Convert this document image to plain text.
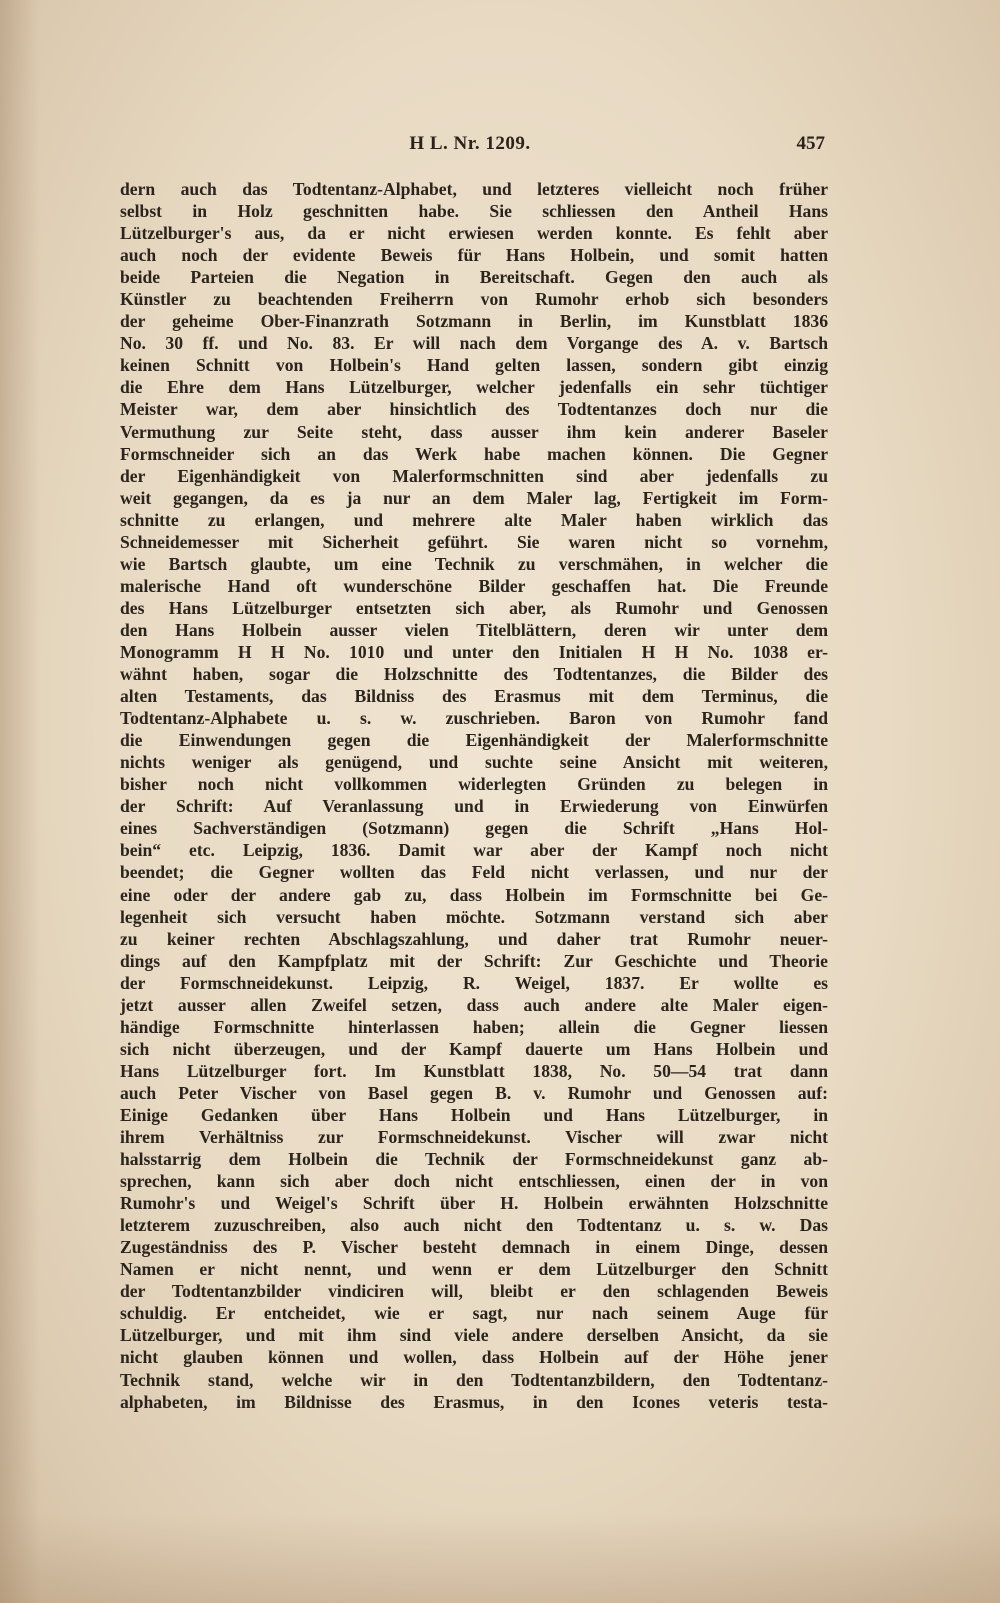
H L. Nr. 1209.	457
dern auch das Todtentanz-Alphabet, und letzteres vielleicht noch früher
selbst in Holz geschnitten habe. Sie schliessen den Antheil Hans
Lützelburger's aus, da er nicht erwiesen werden konnte. Es fehlt aber
auch noch der evidente Beweis für Hans Holbein, und somit hatten
beide Parteien die Negation in Bereitschaft. Gegen den auch als
Künstler zu beachtenden Freiherrn von Rumohr erhob sich besonders
der geheime Ober-Finanzrath Sotzmann in Berlin, im Kunstblatt 1836
No. 30 ff. und No. 83. Er will nach dem Vorgange des A. v. Bartsch
keinen Schnitt von Holbein's Hand gelten lassen, sondern gibt einzig
die Ehre dem Hans Lützelburger, welcher jedenfalls ein sehr tüchtiger
Meister war, dem aber hinsichtlich des Todtentanzes doch nur die
Vermuthung zur Seite steht, dass ausser ihm kein anderer Baseler
Formschneider sich an das Werk habe machen können. Die Gegner
der Eigenhändigkeit von Malerformschnitten sind aber jedenfalls zu
weit gegangen, da es ja nur an dem Maler lag, Fertigkeit im Form-
schnitte zu erlangen, und mehrere alte Maler haben wirklich das
Schneidemesser mit Sicherheit geführt. Sie waren nicht so vornehm,
wie Bartsch glaubte, um eine Technik zu verschmähen, in welcher die
malerische Hand oft wunderschöne Bilder geschaffen hat. Die Freunde
des Hans Lützelburger entsetzten sich aber, als Rumohr und Genossen
den Hans Holbein ausser vielen Titelblättern, deren wir unter dem
Monogramm H H No. 1010 und unter den Initialen H H No. 1038 er-
wähnt haben, sogar die Holzschnitte des Todtentanzes, die Bilder des
alten Testaments, das Bildniss des Erasmus mit dem Terminus, die
Todtentanz-Alphabete u. s. w. zuschrieben. Baron von Rumohr fand
die Einwendungen gegen die Eigenhändigkeit der Malerformschnitte
nichts weniger als genügend, und suchte seine Ansicht mit weiteren,
bisher noch nicht vollkommen widerlegten Gründen zu belegen in
der Schrift: Auf Veranlassung und in Erwiederung von Einwürfen
eines Sachverständigen (Sotzmann) gegen die Schrift „Hans Hol-
bein“ etc. Leipzig, 1836. Damit war aber der Kampf noch nicht
beendet; die Gegner wollten das Feld nicht verlassen, und nur der
eine oder der andere gab zu, dass Holbein im Formschnitte bei Ge-
legenheit sich versucht haben möchte. Sotzmann verstand sich aber
zu keiner rechten Abschlagszahlung, und daher trat Rumohr neuer-
dings auf den Kampfplatz mit der Schrift: Zur Geschichte und Theorie
der Formschneidekunst. Leipzig, R. Weigel, 1837. Er wollte es
jetzt ausser allen Zweifel setzen, dass auch andere alte Maler eigen-
händige Formschnitte hinterlassen haben; allein die Gegner liessen
sich nicht überzeugen, und der Kampf dauerte um Hans Holbein und
Hans Lützelburger fort. Im Kunstblatt 1838, No. 50—54 trat dann
auch Peter Vischer von Basel gegen B. v. Rumohr und Genossen auf:
Einige Gedanken über Hans Holbein und Hans Lützelburger, in
ihrem Verhältniss zur Formschneidekunst. Vischer will zwar nicht
halsstarrig dem Holbein die Technik der Formschneidekunst ganz ab-
sprechen, kann sich aber doch nicht entschliessen, einen der in von
Rumohr's und Weigel's Schrift über H. Holbein erwähnten Holzschnitte
letzterem zuzuschreiben, also auch nicht den Todtentanz u. s. w. Das
Zugeständniss des P. Vischer besteht demnach in einem Dinge, dessen
Namen er nicht nennt, und wenn er dem Lützelburger den Schnitt
der Todtentanzbilder vindiciren will, bleibt er den schlagenden Beweis
schuldig. Er entcheidet, wie er sagt, nur nach seinem Auge für
Lützelburger, und mit ihm sind viele andere derselben Ansicht, da sie
nicht glauben können und wollen, dass Holbein auf der Höhe jener
Technik stand, welche wir in den Todtentanzbildern, den Todtentanz-
alphabeten, im Bildnisse des Erasmus, in den Icones veteris testa-
